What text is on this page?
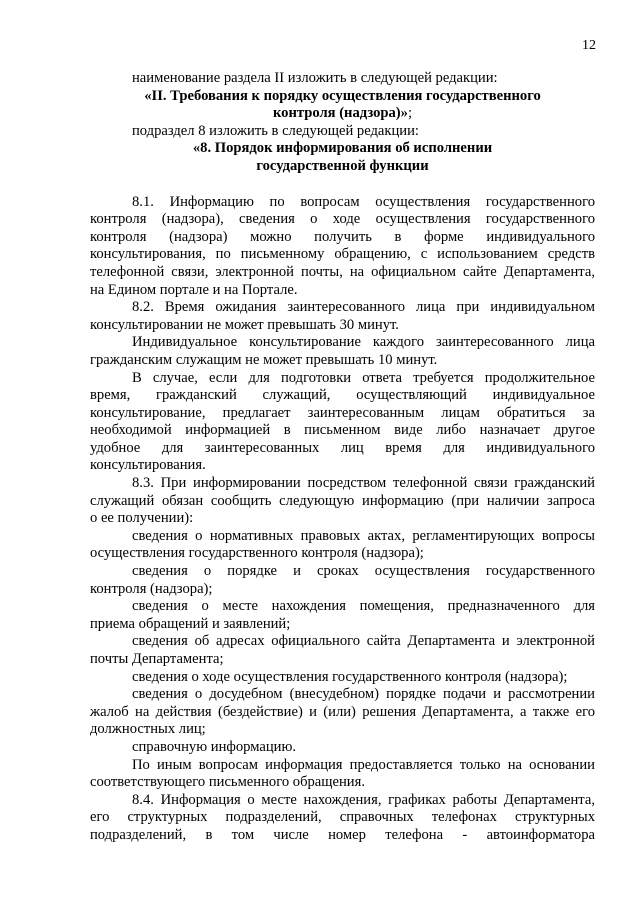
12
наименование раздела II изложить в следующей редакции:
«II. Требования к порядку осуществления государственного
контроля (надзора)»;
подраздел 8 изложить в следующей редакции:
«8. Порядок информирования об исполнении
государственной функции
8.1. Информацию по вопросам осуществления государственного
контроля (надзора), сведения о ходе осуществления государственного
контроля (надзора) можно получить в форме индивидуального
консультирования, по письменному обращению, с использованием средств
телефонной связи, электронной почты, на официальном сайте Департамента,
на Едином портале и на Портале.
8.2. Время ожидания заинтересованного лица при индивидуальном
консультировании не может превышать 30 минут.
Индивидуальное консультирование каждого заинтересованного лица
гражданским служащим не может превышать 10 минут.
В случае, если для подготовки ответа требуется продолжительное
время, гражданский служащий, осуществляющий индивидуальное
консультирование, предлагает заинтересованным лицам обратиться за
необходимой информацией в письменном виде либо назначает другое
удобное для заинтересованных лиц время для индивидуального
консультирования.
8.3. При информировании посредством телефонной связи гражданский
служащий обязан сообщить следующую информацию (при наличии запроса
о ее получении):
сведения о нормативных правовых актах, регламентирующих вопросы
осуществления государственного контроля (надзора);
сведения о порядке и сроках осуществления государственного
контроля (надзора);
сведения о месте нахождения помещения, предназначенного для
приема обращений и заявлений;
сведения об адресах официального сайта Департамента и электронной
почты Департамента;
сведения о ходе осуществления государственного контроля (надзора);
сведения о досудебном (внесудебном) порядке подачи и рассмотрении
жалоб на действия (бездействие) и (или) решения Департамента, а также его
должностных лиц;
справочную информацию.
По иным вопросам информация предоставляется только на основании
соответствующего письменного обращения.
8.4. Информация о месте нахождения, графиках работы Департамента,
его структурных подразделений, справочных телефонах структурных
подразделений, в том числе номер телефона - автоинформатора
